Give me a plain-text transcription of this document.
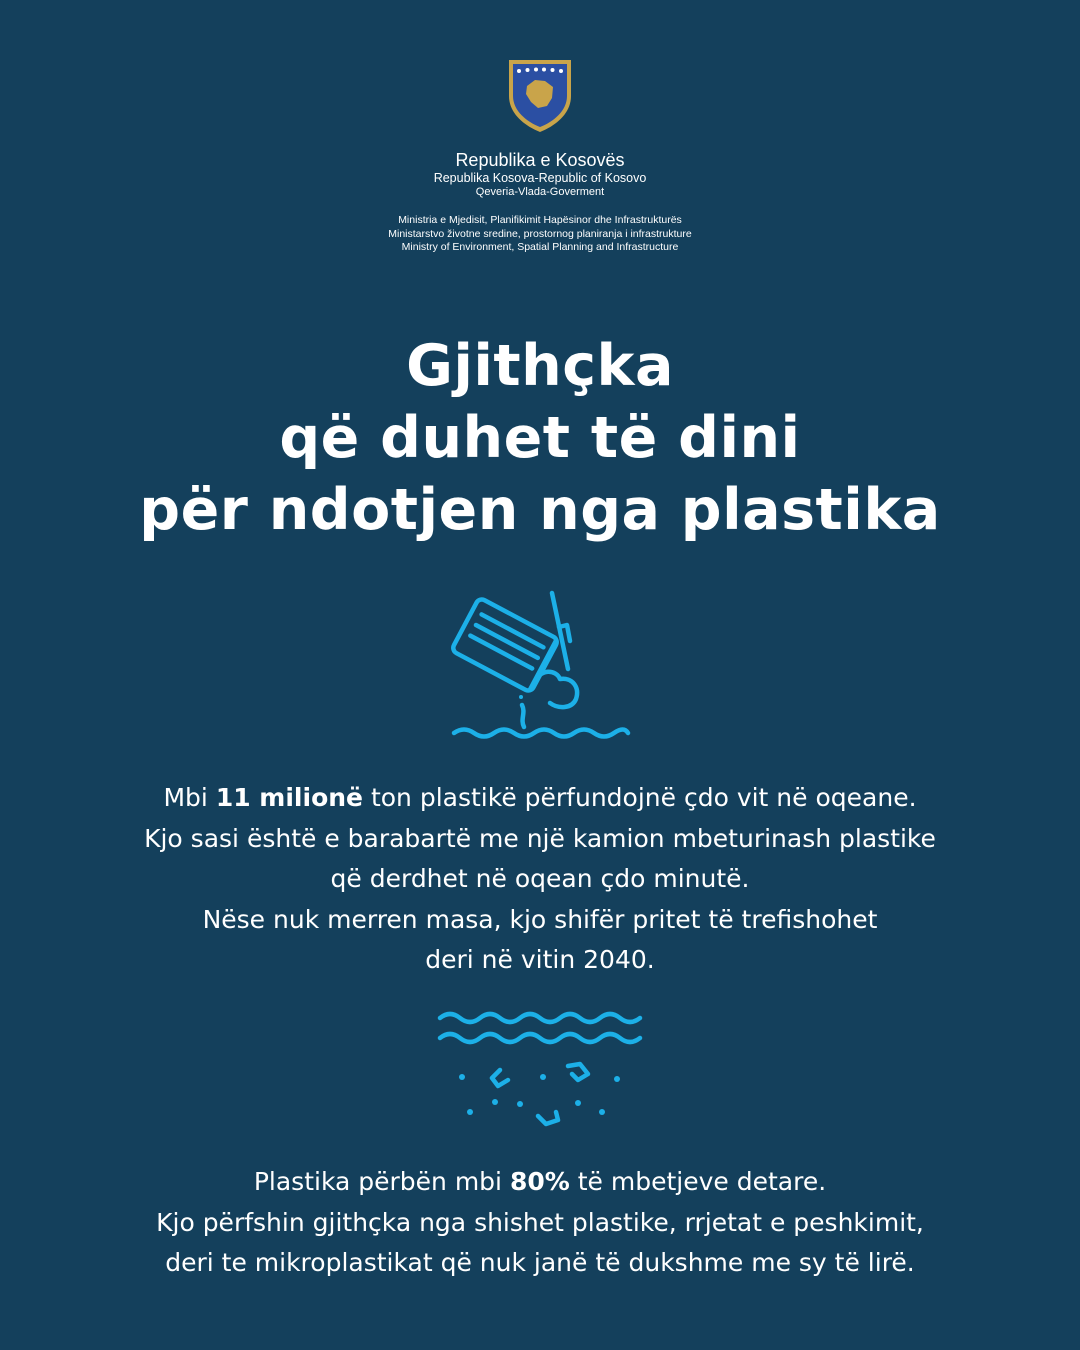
Republika e Kosovës
Republika Kosova-Republic of Kosovo
Qeveria-Vlada-Goverment
Ministria e Mjedisit, Planifikimit Hapësinor dhe Infrastrukturës
Ministarstvo životne sredine, prostornog planiranja i infrastrukture
Ministry of Environment, Spatial Planning and Infrastructure
Gjithçka
që duhet të dini
për ndotjen nga plastika
Mbi 11 milionë ton plastikë përfundojnë çdo vit në oqeane.
Kjo sasi është e barabartë me një kamion mbeturinash plastike
që derdhet në oqean çdo minutë.
Nëse nuk merren masa, kjo shifër pritet të trefishohet
deri në vitin 2040.
Plastika përbën mbi 80% të mbetjeve detare.
Kjo përfshin gjithçka nga shishet plastike, rrjetat e peshkimit,
deri te mikroplastikat që nuk janë të dukshme me sy të lirë.
